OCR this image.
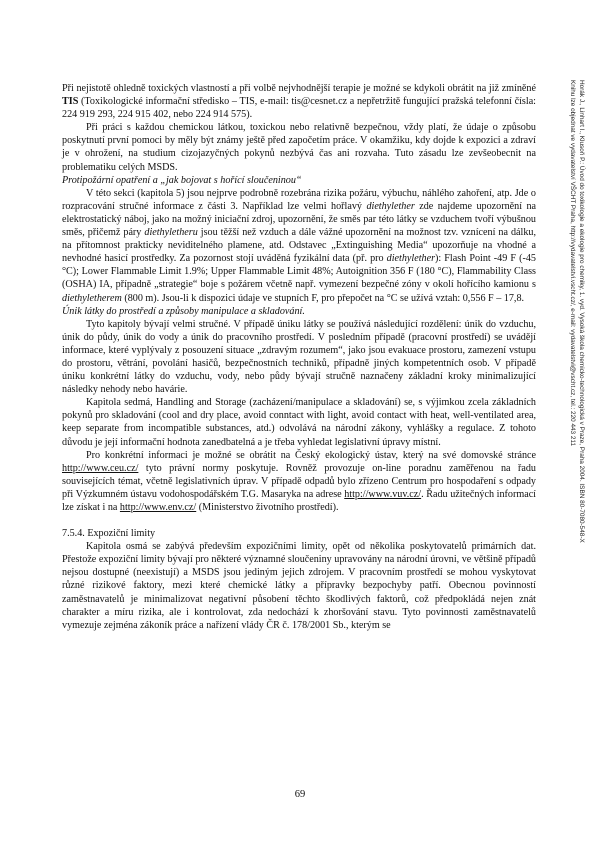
Při nejistotě ohledně toxických vlastností a při volbě nejvhodnější terapie je možné se kdykoli obrátit na již zmíněné TIS (Toxikologické informační středisko – TIS, e-mail: tis@cesnet.cz a nepřetržitě fungující pražská telefonní čísla: 224 919 293, 224 915 402, nebo 224 914 575).

Při práci s každou chemickou látkou, toxickou nebo relativně bezpečnou, vždy platí, že údaje o způsobu poskytnutí první pomoci by měly být známy ještě před započetím práce. V okamžiku, kdy dojde k expozici a zdraví je v ohrožení, na studium cizojazyčných pokynů nezbývá čas ani rozvaha. Tuto zásadu lze zevšeobecnit na problematiku celých MSDS.

Protipožární opatření a „jak bojovat s hořící sloučeninou“

V této sekci (kapitola 5) jsou nejprve podrobně rozebrána rizika požáru, výbuchu, náhlého zahoření, atp. Jde o rozpracování stručné informace z části 3. Například lze velmi hořlavý diethylether zde najdeme upozornění na elektrostatický náboj, jako na možný iniciační zdroj, upozornění, že směs par této látky se vzduchem tvoří výbušnou směs, přičemž páry diethyletheru jsou těžší než vzduch a dále vážné upozornění na možnost tzv. vznícení na dálku, na přítomnost prakticky neviditelného plamene, atd. Odstavec „Extinguishing Media“ upozorňuje na vhodné a nevhodné hasicí prostředky. Za pozornost stojí uváděná fyzikální data (př. pro diethylether): Flash Point -49 F (-45 °C); Lower Flammable Limit 1.9%; Upper Flammable Limit 48%; Autoignition 356 F (180 °C), Flammability Class (OSHA) IA, případně „strategie“ boje s požárem včetně např. vymezení bezpečné zóny v okolí hořícího kamionu s diethyletherem (800 m). Jsou-li k dispozici údaje ve stupních F, pro přepočet na °C se užívá vztah: 0,556 F – 17,8.

Únik látky do prostředí a způsoby manipulace a skladování.

Tyto kapitoly bývají velmi stručné. V případě úniku látky se používá následující rozdělení: únik do vzduchu, únik do půdy, únik do vody a únik do pracovního prostředí. V posledním případě (pracovní prostředí) se uvádějí informace, které vyplývaly z posouzení situace „zdravým rozumem“, jako jsou evakuace prostoru, zamezení vstupu do prostoru, větrání, povolání hasičů, bezpečnostních techniků, případně jiných kompetentních osob. V případě úniku konkrétní látky do vzduchu, vody, nebo půdy bývají stručně naznačeny základní kroky minimalizující následky nehody nebo havárie.

Kapitola sedmá, Handling and Storage (zacházení/manipulace a skladování) se, s výjimkou zcela základních pokynů pro skladování (cool and dry place, avoid conntact with light, avoid contact with heat, well-ventilated area, keep separate from incompatible substances, atd.) odvolává na národní zákony, vyhlášky a regulace. Z tohoto důvodu je její informační hodnota zanedbatelná a je třeba vyhledat legislativní úpravy místní.

Pro konkrétní informaci je možné se obrátit na Český ekologický ústav, který na své domovské stránce http://www.ceu.cz/ tyto právní normy poskytuje. Rovněž provozuje on-line poradnu zaměřenou na řadu souvisejících témat, včetně legislativních úprav. V případě odpadů bylo zřízeno Centrum pro hospodaření s odpady při Výzkumném ústavu vodohospodářském T.G. Masaryka na adrese http://www.vuv.cz/. Řadu užitečných informací lze získat i na http://www.env.cz/ (Ministerstvo životního prostředí).

7.5.4. Expoziční limity

Kapitola osmá se zabývá především expozičními limity, opět od několika poskytovatelů primárních dat. Přestože expoziční limity bývají pro některé významné sloučeniny upravovány na národní úrovni, ve většině případů nejsou dostupné (neexistují) a MSDS jsou jediným jejich zdrojem. V pracovním prostředí se mohou vyskytovat různé rizikové faktory, mezi které chemické látky a přípravky bezpochyby patří. Obecnou povinností zaměstnavatelů je minimalizovat negativní působení těchto škodlivých faktorů, což předpokládá nejen znát charakter a míru rizika, ale i kontrolovat, zda nedochází k zhoršování stavu. Tyto povinnosti zaměstnavatelů vymezuje zejména zákoník práce a nařízení vlády ČR č. 178/2001 Sb., kterým se

69

Horák J., Linhart I., Klusoň P.: Úvod do toxikologie a ekologie pro chemiky, 1. vyd. Vysoká škola chemicko-technologická v Praze, Praha 2004. ISBN 80-7080-548-X

Knihu lze objednat ve vydavatelství VŠCHT Praha, http://vydavatelstvi.vscht.cz/, e-mail: vydavatelstvi@vscht.cz, tel.: 220 443 211
